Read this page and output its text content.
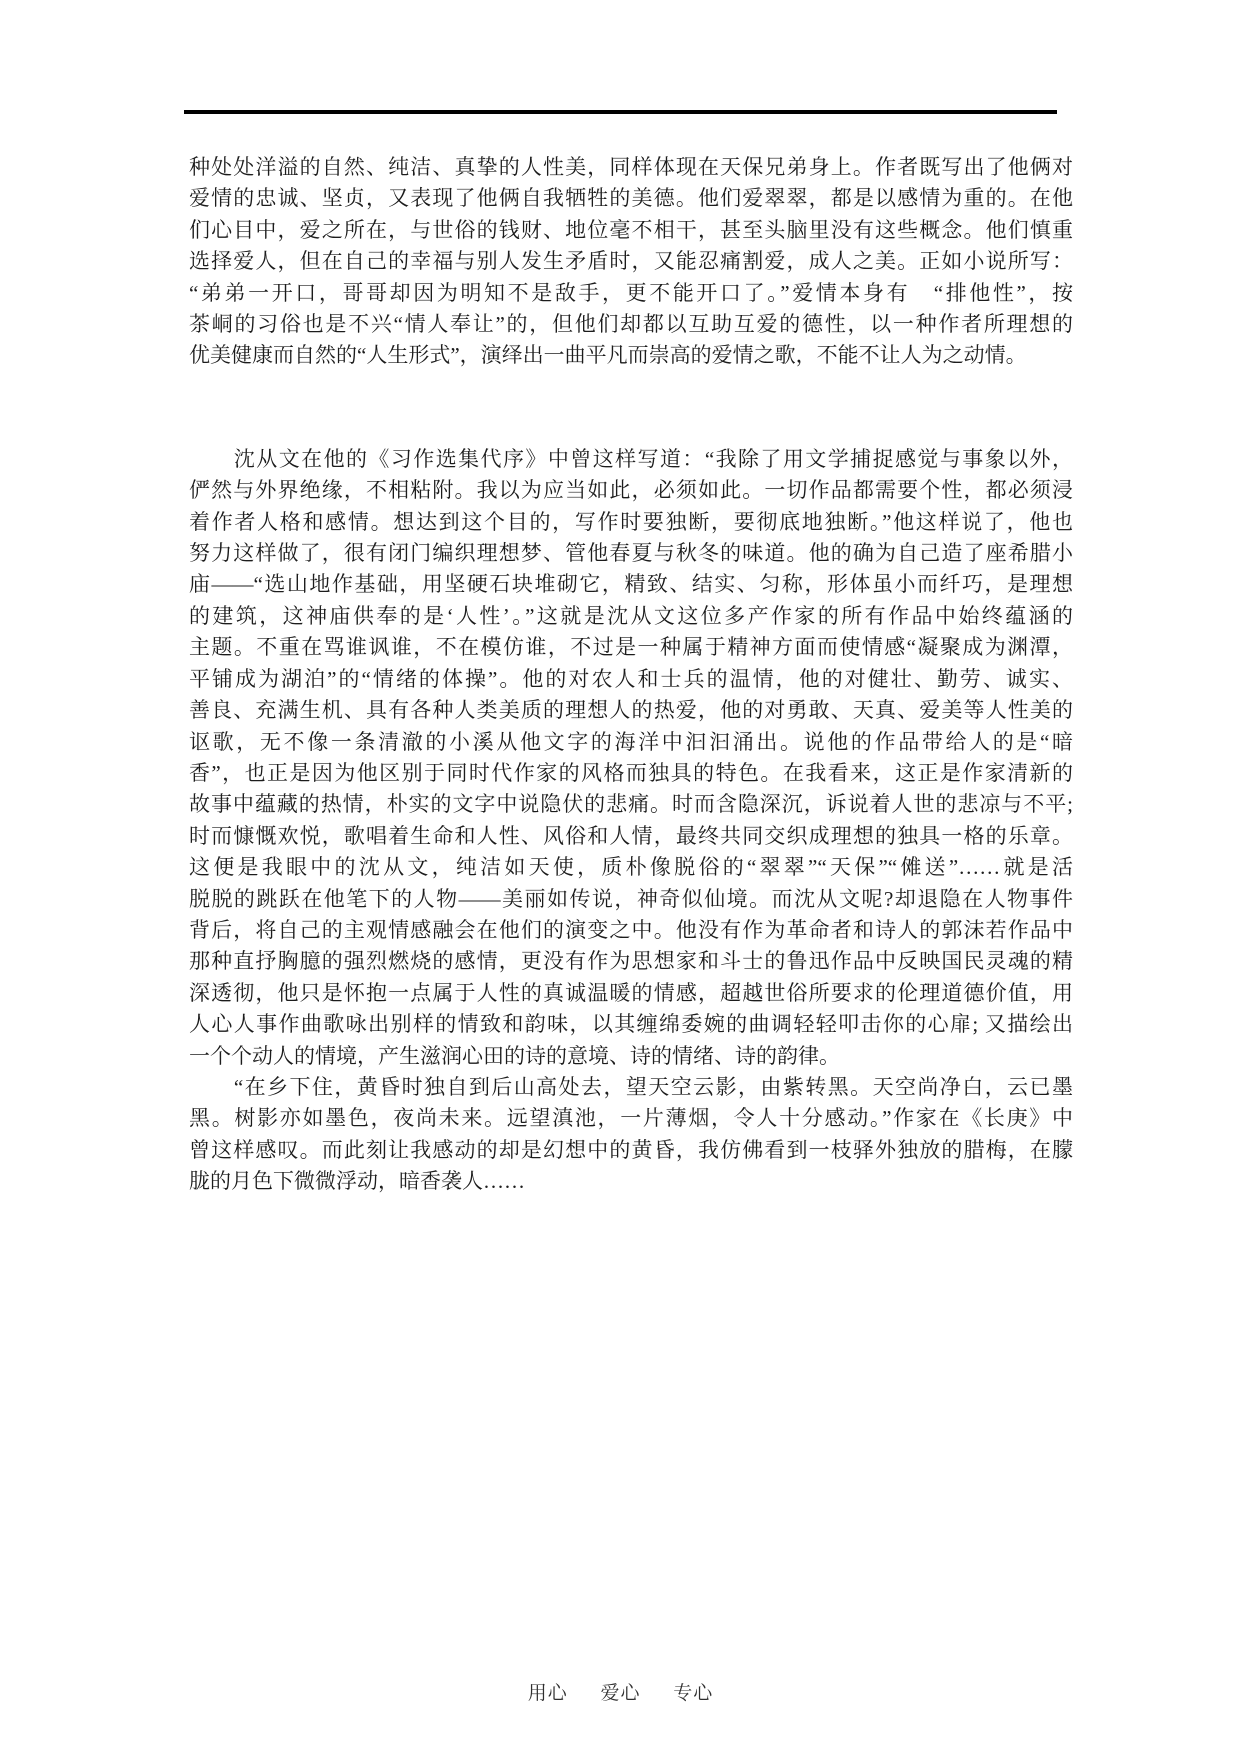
种处处洋溢的自然、纯洁、真挚的人性美，同样体现在天保兄弟身上。作者既写出了他俩对
爱情的忠诚、坚贞，又表现了他俩自我牺牲的美德。他们爱翠翠，都是以感情为重的。在他
们心目中，爱之所在，与世俗的钱财、地位毫不相干，甚至头脑里没有这些概念。他们慎重
选择爱人，但在自己的幸福与别人发生矛盾时，又能忍痛割爱，成人之美。正如小说所写：
“弟弟一开口，哥哥却因为明知不是敌手，更不能开口了。”爱情本身有　“排他性”，按
茶峒的习俗也是不兴“情人奉让”的，但他们却都以互助互爱的德性，以一种作者所理想的
优美健康而自然的“人生形式”，演绎出一曲平凡而崇高的爱情之歌，不能不让人为之动情。
　　沈从文在他的《习作选集代序》中曾这样写道：“我除了用文学捕捉感觉与事象以外，
俨然与外界绝缘，不相粘附。我以为应当如此，必须如此。一切作品都需要个性，都必须浸
着作者人格和感情。想达到这个目的，写作时要独断，要彻底地独断。”他这样说了，他也
努力这样做了，很有闭门编织理想梦、管他春夏与秋冬的味道。他的确为自己造了座希腊小
庙——“选山地作基础，用坚硬石块堆砌它，精致、结实、匀称，形体虽小而纤巧，是理想
的建筑，这神庙供奉的是‘人性’。”这就是沈从文这位多产作家的所有作品中始终蕴涵的
主题。不重在骂谁讽谁，不在模仿谁，不过是一种属于精神方面而使情感“凝聚成为渊潭，
平铺成为湖泊”的“情绪的体操”。他的对农人和士兵的温情，他的对健壮、勤劳、诚实、
善良、充满生机、具有各种人类美质的理想人的热爱，他的对勇敢、天真、爱美等人性美的
讴歌，无不像一条清澈的小溪从他文字的海洋中汩汩涌出。说他的作品带给人的是“暗
香”，也正是因为他区别于同时代作家的风格而独具的特色。在我看来，这正是作家清新的
故事中蕴藏的热情，朴实的文字中说隐伏的悲痛。时而含隐深沉，诉说着人世的悲凉与不平;
时而慷慨欢悦，歌唱着生命和人性、风俗和人情，最终共同交织成理想的独具一格的乐章。
这便是我眼中的沈从文，纯洁如天使，质朴像脱俗的“翠翠”“天保”“傩送”……就是活
脱脱的跳跃在他笔下的人物——美丽如传说，神奇似仙境。而沈从文呢?却退隐在人物事件
背后，将自己的主观情感融会在他们的演变之中。他没有作为革命者和诗人的郭沫若作品中
那种直抒胸臆的强烈燃烧的感情，更没有作为思想家和斗士的鲁迅作品中反映国民灵魂的精
深透彻，他只是怀抱一点属于人性的真诚温暖的情感，超越世俗所要求的伦理道德价值，用
人心人事作曲歌咏出别样的情致和韵味，以其缠绵委婉的曲调轻轻叩击你的心扉; 又描绘出
一个个动人的情境，产生滋润心田的诗的意境、诗的情绪、诗的韵律。
　　“在乡下住，黄昏时独自到后山高处去，望天空云影，由紫转黑。天空尚净白，云已墨
黑。树影亦如墨色，夜尚未来。远望滇池，一片薄烟，令人十分感动。”作家在《长庚》中
曾这样感叹。而此刻让我感动的却是幻想中的黄昏，我仿佛看到一枝驿外独放的腊梅，在朦
胧的月色下微微浮动，暗香袭人……
用心 爱心 专心
